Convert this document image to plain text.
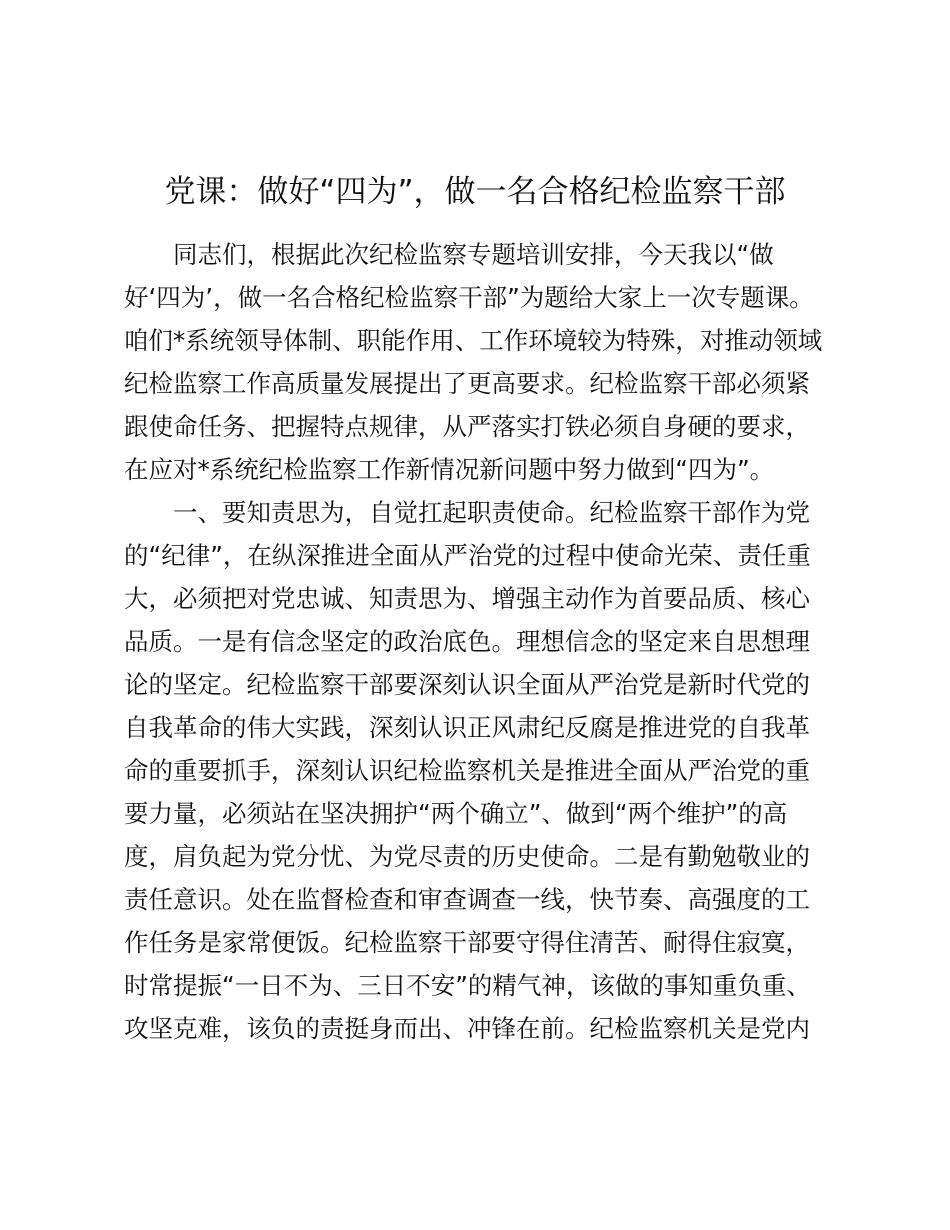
党课：做好“四为”，做一名合格纪检监察干部
同志们，根据此次纪检监察专题培训安排，今天我以“做
好‘四为’，做一名合格纪检监察干部”为题给大家上一次专题课。
咱们*系统领导体制、职能作用、工作环境较为特殊，对推动领域
纪检监察工作高质量发展提出了更高要求。纪检监察干部必须紧
跟使命任务、把握特点规律，从严落实打铁必须自身硬的要求，
在应对*系统纪检监察工作新情况新问题中努力做到“四为”。
一、要知责思为，自觉扛起职责使命。纪检监察干部作为党
的“纪律”，在纵深推进全面从严治党的过程中使命光荣、责任重
大，必须把对党忠诚、知责思为、增强主动作为首要品质、核心
品质。一是有信念坚定的政治底色。理想信念的坚定来自思想理
论的坚定。纪检监察干部要深刻认识全面从严治党是新时代党的
自我革命的伟大实践，深刻认识正风肃纪反腐是推进党的自我革
命的重要抓手，深刻认识纪检监察机关是推进全面从严治党的重
要力量，必须站在坚决拥护“两个确立”、做到“两个维护”的高
度，肩负起为党分忧、为党尽责的历史使命。二是有勤勉敬业的
责任意识。处在监督检查和审查调查一线，快节奏、高强度的工
作任务是家常便饭。纪检监察干部要守得住清苦、耐得住寂寞，
时常提振“一日不为、三日不安”的精气神，该做的事知重负重、
攻坚克难，该负的责挺身而出、冲锋在前。纪检监察机关是党内
